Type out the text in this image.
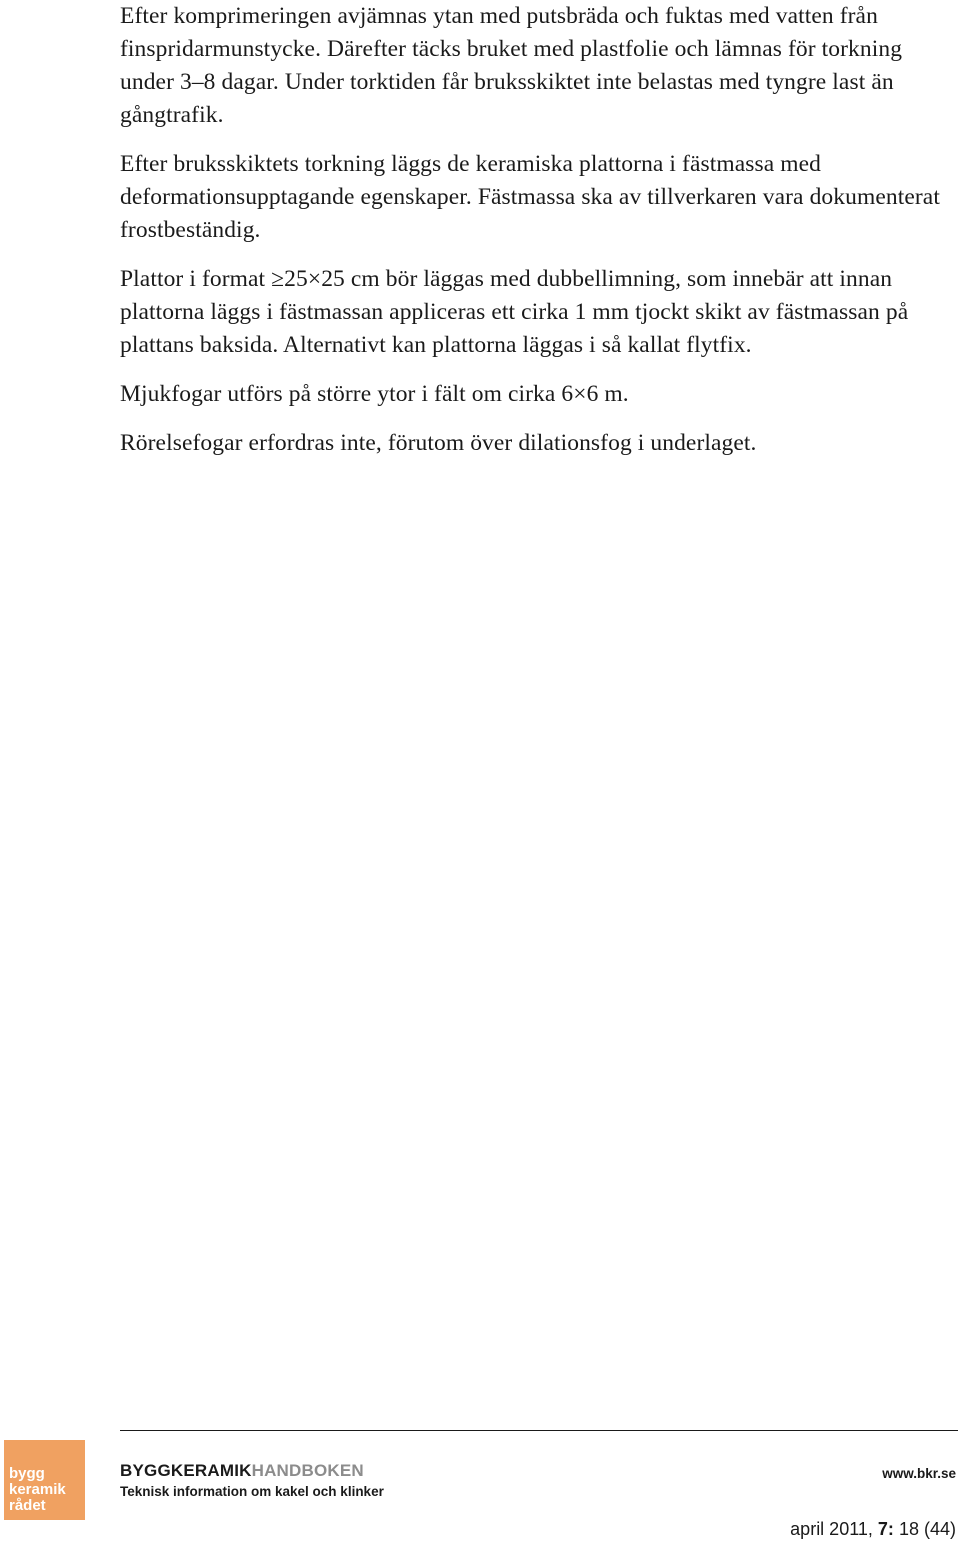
Efter komprimeringen avjämnas ytan med putsbräda och fuktas med vatten från finspridarmunstycke. Därefter täcks bruket med plastfolie och lämnas för torkning under 3–8 dagar. Under torktiden får bruksskiktet inte belastas med tyngre last än gångtrafik.

Efter bruksskiktets torkning läggs de keramiska plattorna i fästmassa med deformationsupptagande egenskaper. Fästmassa ska av tillverkaren vara dokumenterat frostbeständig.

Plattor i format ≥25×25 cm bör läggas med dubbellimning, som innebär att innan plattorna läggs i fästmassan appliceras ett cirka 1 mm tjockt skikt av fästmassan på plattans baksida. Alternativt kan plattorna läggas i så kallat flytfix.

Mjukfogar utförs på större ytor i fält om cirka 6×6 m.

Rörelsefogar erfordras inte, förutom över dilationsfog i underlaget.

bygg
keramik
rådet
BYGGKERAMIKHANDBOKEN
Teknisk information om kakel och klinker
www.bkr.se
april 2011, 7: 18 (44)
